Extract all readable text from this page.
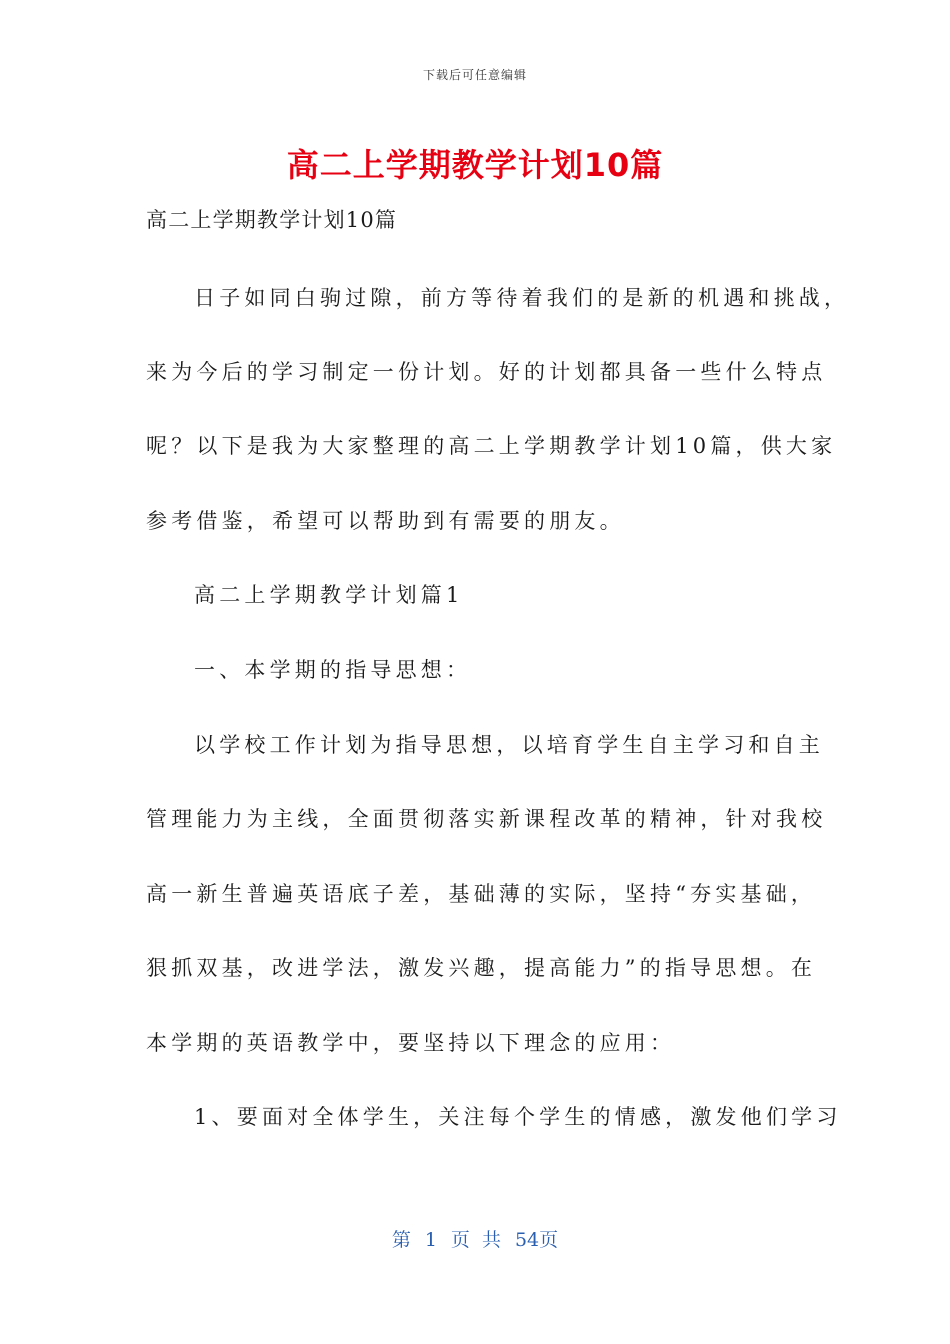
下载后可任意编辑
高二上学期教学计划10篇
高二上学期教学计划10篇
日子如同白驹过隙，前方等待着我们的是新的机遇和挑战，
来为今后的学习制定一份计划。好的计划都具备一些什么特点
呢？以下是我为大家整理的高二上学期教学计划10篇，供大家
参考借鉴，希望可以帮助到有需要的朋友。
高二上学期教学计划篇1
一、本学期的指导思想：
以学校工作计划为指导思想，以培育学生自主学习和自主
管理能力为主线，全面贯彻落实新课程改革的精神，针对我校
高一新生普遍英语底子差，基础薄的实际，坚持“夯实基础，
狠抓双基，改进学法，激发兴趣，提高能力”的指导思想。在
本学期的英语教学中，要坚持以下理念的应用：
1、要面对全体学生，关注每个学生的情感，激发他们学习
第 1 页 共 54页
